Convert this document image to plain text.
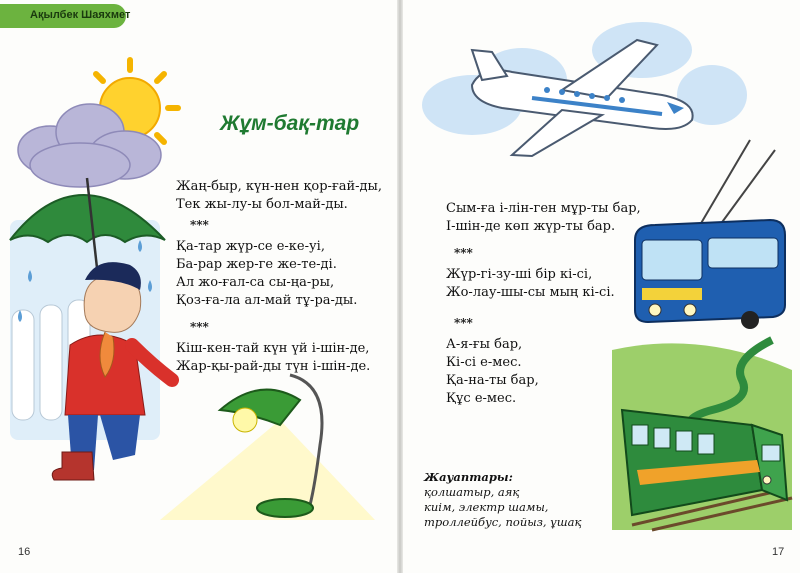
Ақылбек Шаяхмет
Жұм-бақ-тар
Жаң-быр, күн-нен қор-ғай-ды,
Тек жы-лу-ы бол-май-ды.
***
Қа-тар жүр-се е-ке-уі,
Ба-рар жер-ге же-те-ді.
Ал жо-ғал-са сы-ңа-ры,
Қоз-ға-ла ал-май тұ-ра-ды.
***
Кіш-кен-тай күн үй і-шін-де,
Жар-қы-рай-ды түн і-шін-де.
16
Сым-ға і-лін-ген мұр-ты бар,
І-шін-де көп жүр-ты бар.
***
Жүр-гі-зу-ші бір кі-сі,
Жо-лау-шы-сы мың кі-сі.
***
А-я-ғы бар,
Кі-сі е-мес.
Қа-на-ты бар,
Құс е-мес.
17
Жауаптары:
қолшатыр, аяқ
киім, электр шамы,
троллейбус, пойыз, ұшақ
